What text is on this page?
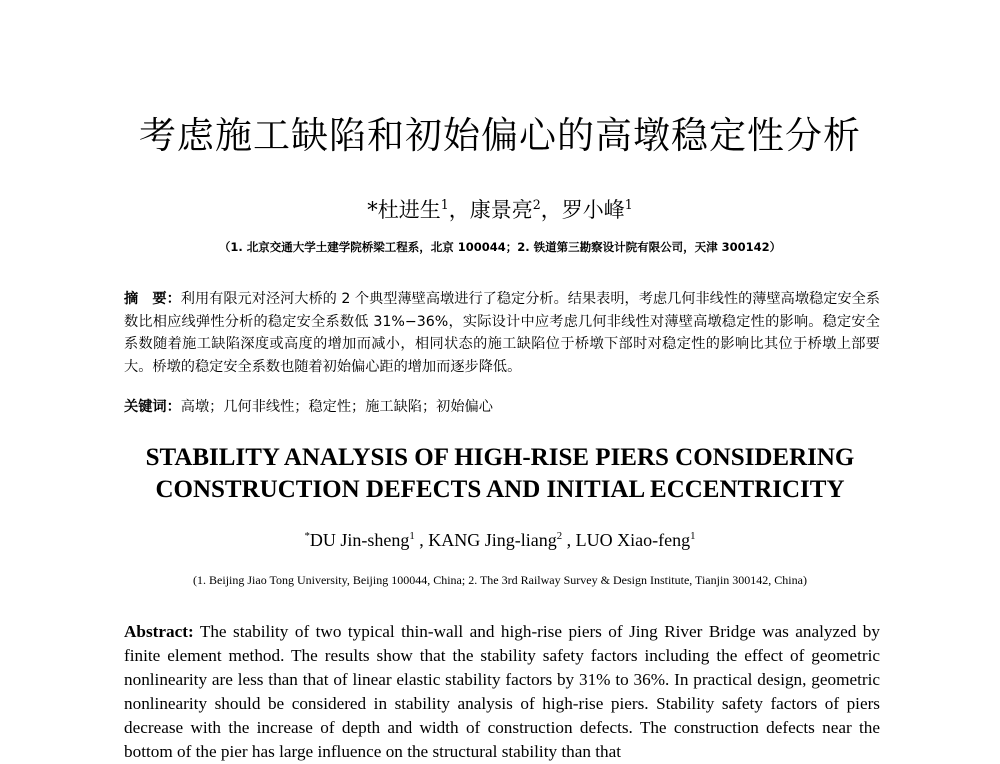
考虑施工缺陷和初始偏心的高墩稳定性分析
*杜进生$^1$，康景亮$^2$，罗小峰$^1$
（1. 北京交通大学土建学院桥梁工程系，北京 100044；2. 铁道第三勘察设计院有限公司，天津 300142）

摘　要：利用有限元对泾河大桥的 2 个典型薄壁高墩进行了稳定分析。结果表明，考虑几何非线性的薄壁高墩稳定安全系数比相应线弹性分析的稳定安全系数低 31%−36%，实际设计中应考虑几何非线性对薄壁高墩稳定性的影响。稳定安全系数随着施工缺陷深度或高度的增加而减小，相同状态的施工缺陷位于桥墩下部时对稳定性的影响比其位于桥墩上部要大。桥墩的稳定安全系数也随着初始偏心距的增加而逐步降低。

关键词：高墩；几何非线性；稳定性；施工缺陷；初始偏心

STABILITY ANALYSIS OF HIGH-RISE PIERS CONSIDERING
CONSTRUCTION DEFECTS AND INITIAL ECCENTRICITY
*DU Jin-sheng$^1$ , KANG Jing-liang$^2$ , LUO Xiao-feng$^1$
(1. Beijing Jiao Tong University, Beijing 100044, China; 2. The 3rd Railway Survey & Design Institute, Tianjin 300142, China)

Abstract: The stability of two typical thin-wall and high-rise piers of Jing River Bridge was analyzed by finite element method. The results show that the stability safety factors including the effect of geometric nonlinearity are less than that of linear elastic stability factors by 31% to 36%. In practical design, geometric nonlinearity should be considered in stability analysis of high-rise piers. Stability safety factors of piers decrease with the increase of depth and width of construction defects. The construction defects near the bottom of the pier has large influence on the structural stability than that
